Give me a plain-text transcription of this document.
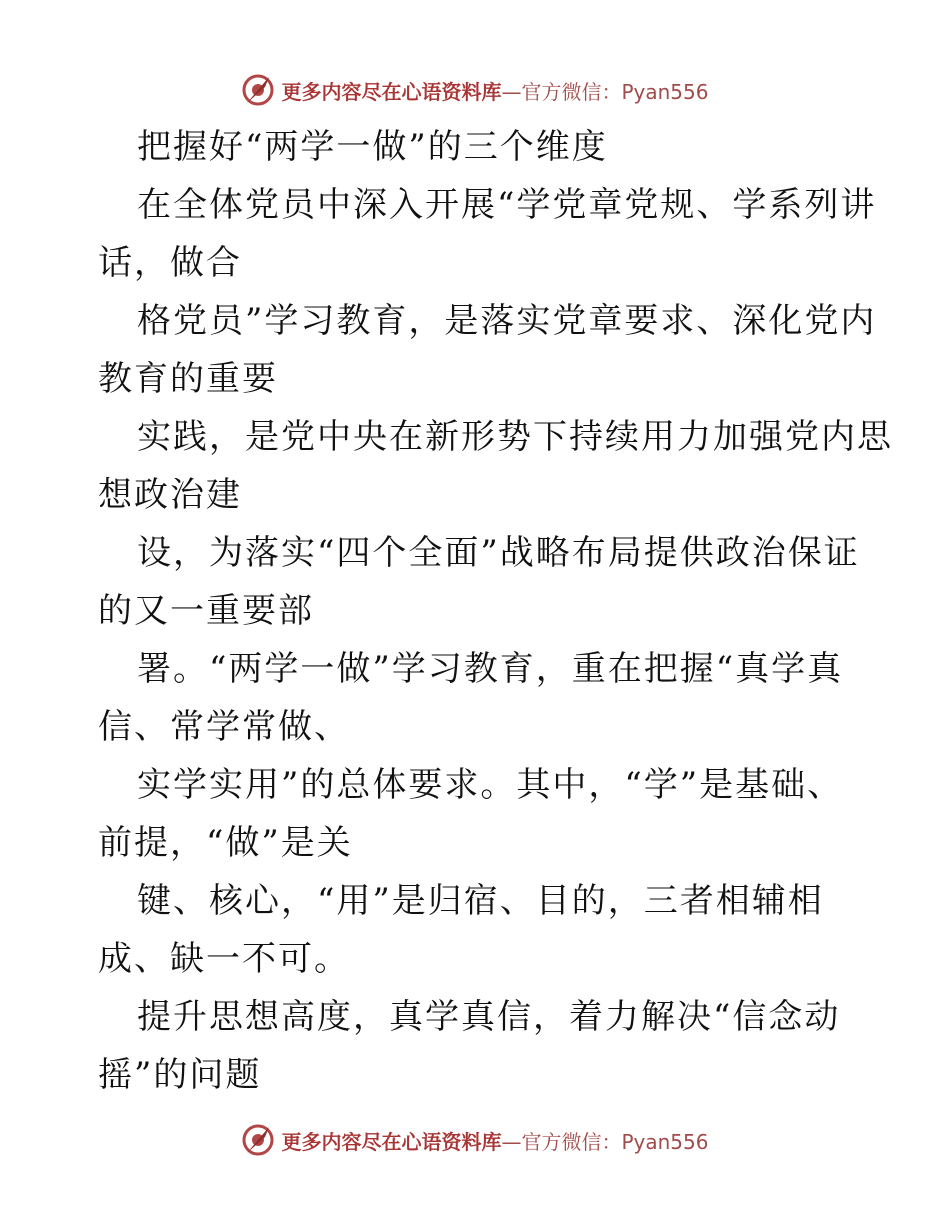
更多内容尽在心语资料库—官方微信：Pyan556
把握好“两学一做”的三个维度
在全体党员中深入开展“学党章党规、学系列讲
话，做合
格党员”学习教育，是落实党章要求、深化党内
教育的重要
实践，是党中央在新形势下持续用力加强党内思
想政治建
设，为落实“四个全面”战略布局提供政治保证
的又一重要部
署。“两学一做”学习教育，重在把握“真学真
信、常学常做、
实学实用”的总体要求。其中，“学”是基础、
前提，“做”是关
键、核心，“用”是归宿、目的，三者相辅相
成、缺一不可。
提升思想高度，真学真信，着力解决“信念动
摇”的问题
更多内容尽在心语资料库—官方微信：Pyan556
